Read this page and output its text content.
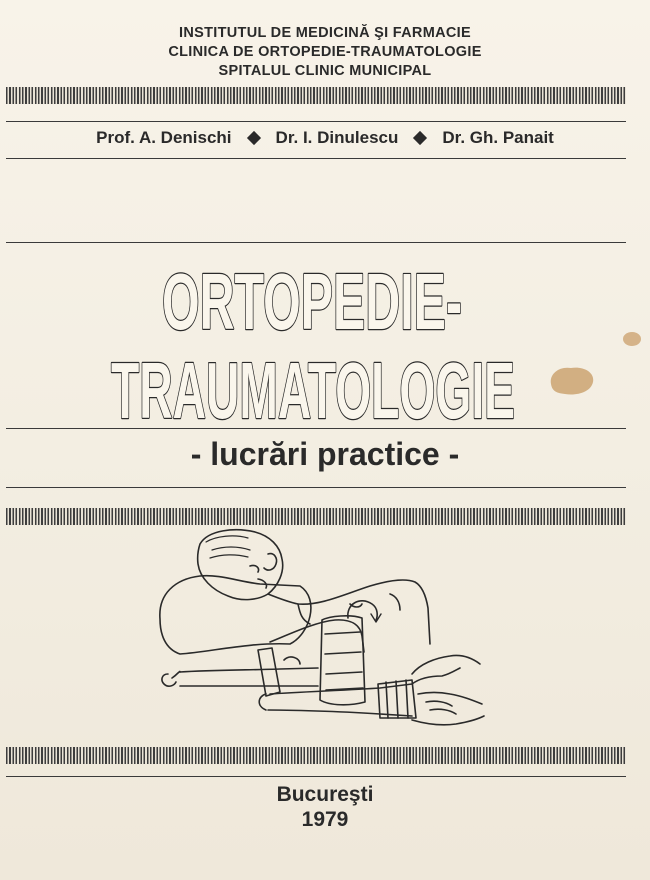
INSTITUTUL DE MEDICINĂ ŞI FARMACIE
CLINICA DE ORTOPEDIE-TRAUMATOLOGIE
SPITALUL CLINIC MUNICIPAL
Prof. A. Denischi	Dr. I. Dinulescu	Dr. Gh. Panait
ORTOPEDIE-
TRAUMATOLOGIE
- lucrări practice -
Bucureşti
1979
